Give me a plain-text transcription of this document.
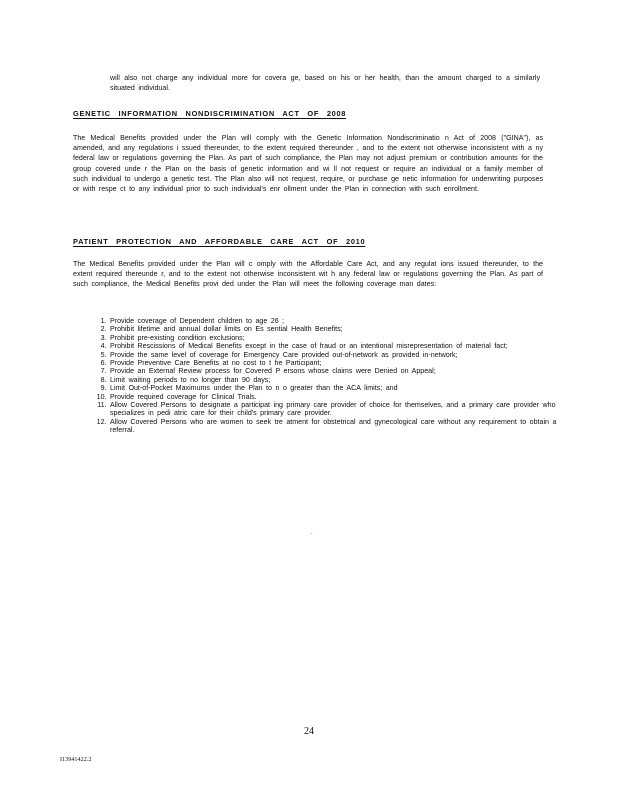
will also not charge any individual more for covera ge, based on his or her health, than the amount charged to a similarly situated individual.

GENETIC INFORMATION NONDISCRIMINATION ACT OF 2008

The Medical Benefits provided under the Plan will comply with the Genetic Information Nondiscriminatio n Act of 2008 ("GINA"), as amended, and any regulations i ssued thereunder, to the extent required thereunder , and to the extent not otherwise inconsistent with a ny federal law or regulations governing the Plan. As part of such compliance, the Plan may not adjust premium or contribution amounts for the group covered unde r the Plan on the basis of genetic information and wi ll not request or require an individual or a family member of such individual to undergo a genetic test. The Plan also will not request, require, or purchase ge netic information for underwriting purposes or with respe ct to any individual prior to such individual's enr ollment under the Plan in connection with such enrollment.

PATIENT PROTECTION AND AFFORDABLE CARE ACT OF 2010

The Medical Benefits provided under the Plan will c omply with the Affordable Care Act, and any regulat ions issued thereunder, to the extent required thereunde r, and to the extent not otherwise inconsistent wit h any federal law or regulations governing the Plan. As part of such compliance, the Medical Benefits provi ded under the Plan will meet the following coverage man dates:

1. Provide coverage of Dependent children to age 26 ;
2. Prohibit lifetime and annual dollar limits on Es sential Health Benefits;
3. Prohibit pre-existing condition exclusions;
4. Prohibit Rescissions of Medical Benefits except in the case of fraud or an intentional misrepresentation of material fact;
5. Provide the same level of coverage for Emergency Care provided out-of-network as provided in-network;
6. Provide Preventive Care Benefits at no cost to t he Participant;
7. Provide an External Review process for Covered P ersons whose claims were Denied on Appeal;
8. Limit waiting periods to no longer than 90 days;
9. Limit Out-of-Pocket Maximums under the Plan to n o greater than the ACA limits; and
10. Provide required coverage for Clinical Trials.
11. Allow Covered Persons to designate a participat ing primary care provider of choice for themselves, and a primary care provider who specializes in pedi atric care for their child's primary care provider.
12. Allow Covered Persons who are women to seek tre atment for obstetrical and gynecological care without any requirement to obtain a referral.
.
24
I13941422.2
